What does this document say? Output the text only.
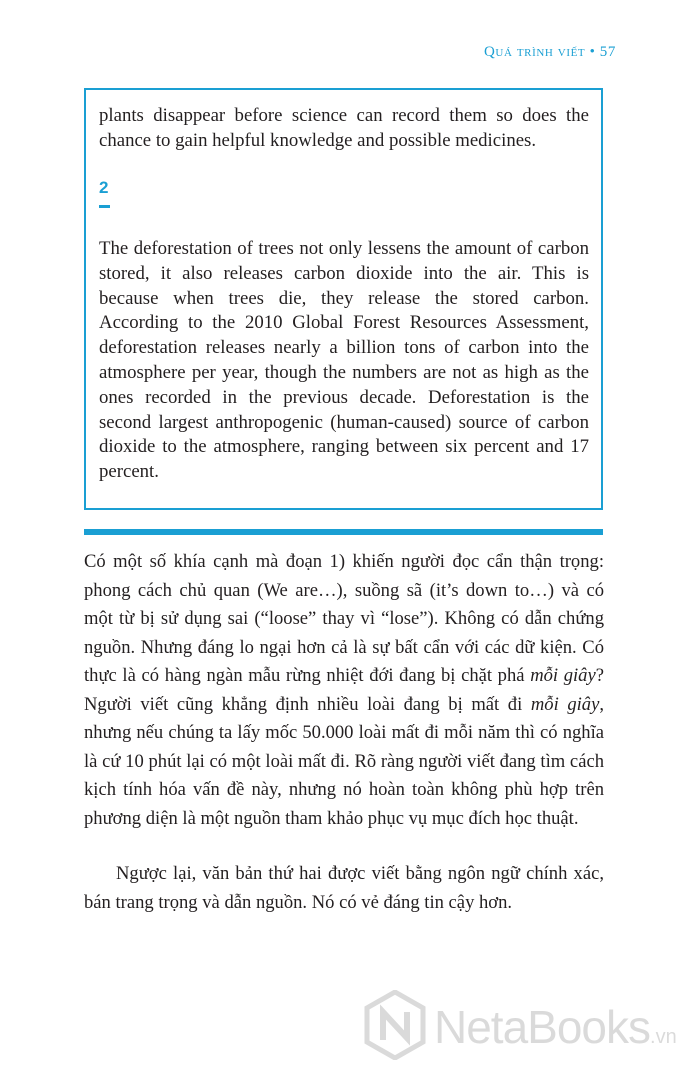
Quá trình viết • 57

plants disappear before science can record them so does the chance to gain helpful knowledge and possible medicines.

2

The deforestation of trees not only lessens the amount of carbon stored, it also releases carbon dioxide into the air. This is because when trees die, they release the stored carbon. According to the 2010 Global Forest Resources Assessment, deforestation releases nearly a billion tons of carbon into the atmosphere per year, though the numbers are not as high as the ones recorded in the previous decade. Deforestation is the second largest anthropogenic (human-caused) source of carbon dioxide to the atmosphere, ranging between six percent and 17 percent.

Có một số khía cạnh mà đoạn 1) khiến người đọc cẩn thận trọng: phong cách chủ quan (We are…), suồng sã (it’s down to…) và có một từ bị sử dụng sai (“loose” thay vì “lose”). Không có dẫn chứng nguồn. Nhưng đáng lo ngại hơn cả là sự bất cẩn với các dữ kiện. Có thực là có hàng ngàn mẫu rừng nhiệt đới đang bị chặt phá mỗi giây? Người viết cũng khẳng định nhiều loài đang bị mất đi mỗi giây, nhưng nếu chúng ta lấy mốc 50.000 loài mất đi mỗi năm thì có nghĩa là cứ 10 phút lại có một loài mất đi. Rõ ràng người viết đang tìm cách kịch tính hóa vấn đề này, nhưng nó hoàn toàn không phù hợp trên phương diện là một nguồn tham khảo phục vụ mục đích học thuật.

Ngược lại, văn bản thứ hai được viết bằng ngôn ngữ chính xác, bán trang trọng và dẫn nguồn. Nó có vẻ đáng tin cậy hơn.

NetaBooks.vn
